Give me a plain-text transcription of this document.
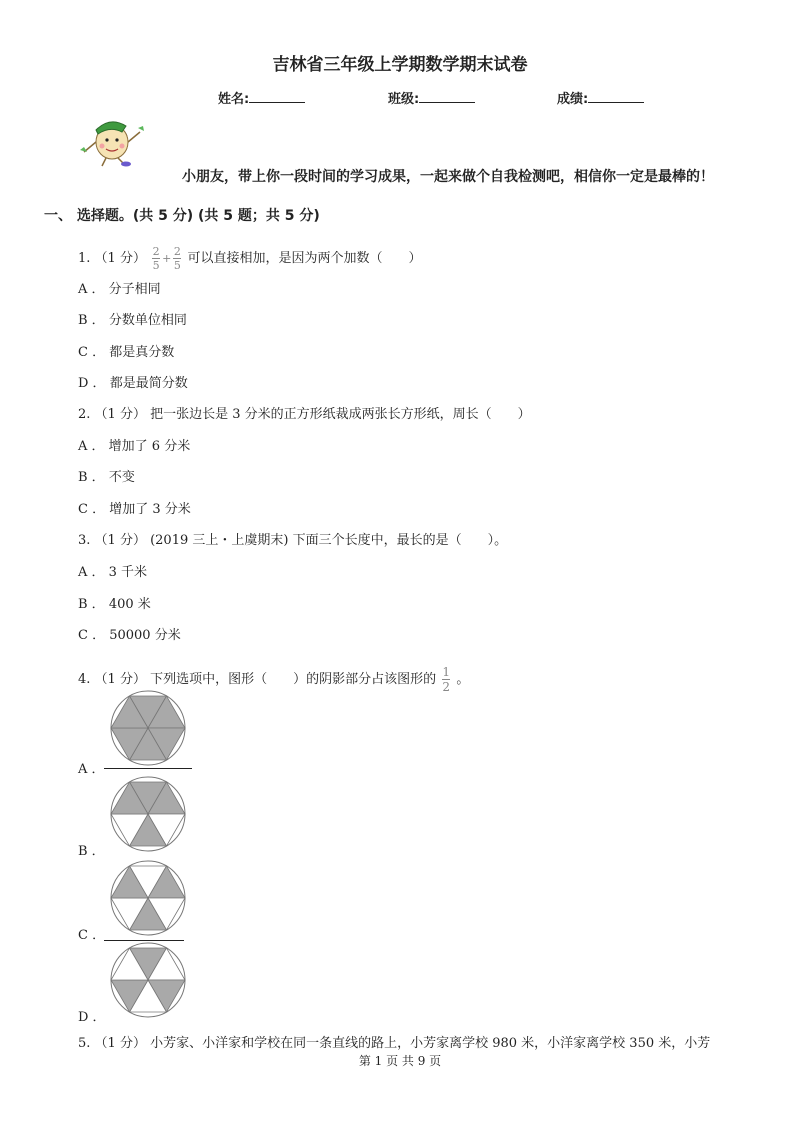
吉林省三年级上学期数学期末试卷
姓名:	班级:	成绩:
小朋友，带上你一段时间的学习成果，一起来做个自我检测吧，相信你一定是最棒的！
一、 选择题。(共 5 分) (共 5 题；共 5 分)
1. （1 分） $\frac{2}{5} + \frac{2}{5}$ 可以直接相加，是因为两个加数（　　）
A ． 分子相同
B ． 分数单位相同
C ． 都是真分数
D ． 都是最简分数
2. （1 分） 把一张边长是 3 分米的正方形纸裁成两张长方形纸，周长（　　）
A ． 增加了 6 分米
B ． 不变
C ． 增加了 3 分米
3. （1 分） (2019 三上・上虞期末) 下面三个长度中，最长的是（　　）。
A ． 3 千米
B ． 400 米
C ． 50000 分米
4. （1 分） 下列选项中，图形（　　）的阴影部分占该图形的 $\frac{1}{2}$ 。
A ．
B ．
C ．
D ．
5. （1 分） 小芳家、小洋家和学校在同一条直线的路上，小芳家离学校 980 米，小洋家离学校 350 米，小芳
第 1 页 共 9 页
